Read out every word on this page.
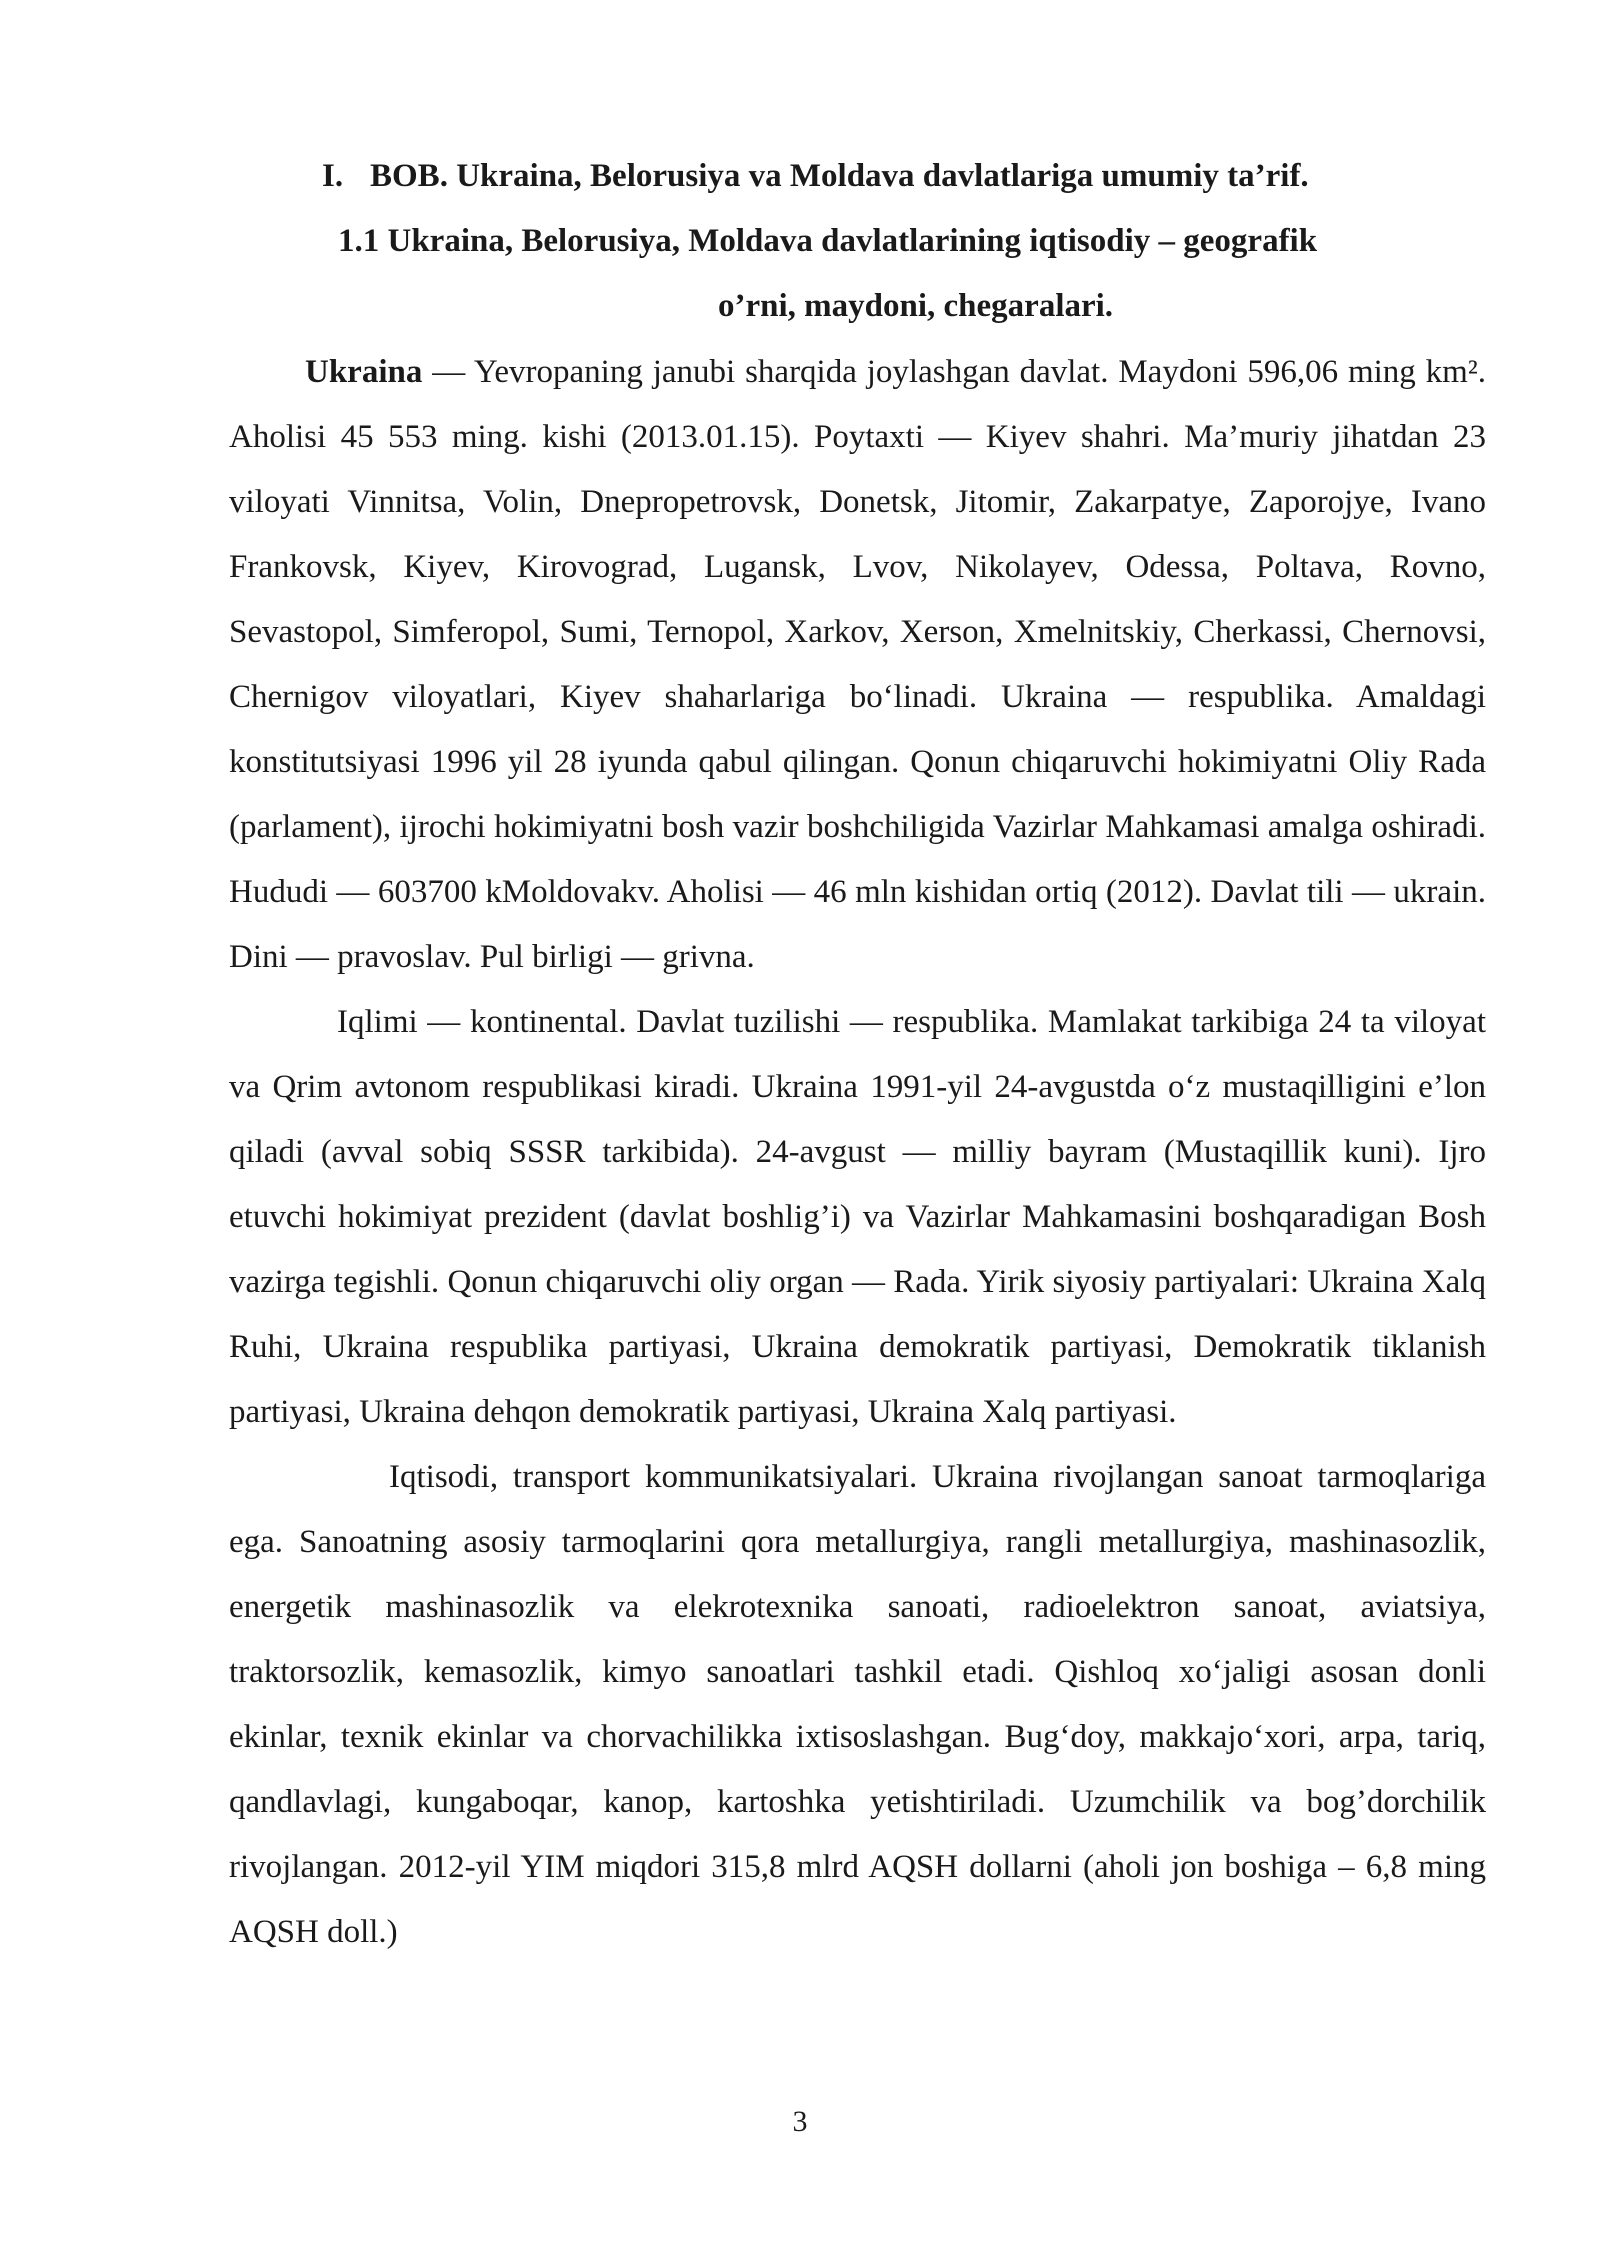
I. BOB. Ukraina, Belorusiya va Moldava davlatlariga umumiy ta’rif.
1.1 Ukraina, Belorusiya, Moldava davlatlarining iqtisodiy – geografik
o’rni, maydoni, chegaralari.

Ukraina — Yevropaning janubi sharqida joylashgan davlat. Maydoni 596,06 ming km². Aholisi 45 553 ming. kishi (2013.01.15). Poytaxti — Kiyev shahri. Ma’muriy jihatdan 23 viloyati Vinnitsa, Volin, Dnepropetrovsk, Donetsk, Jitomir, Zakarpatye, Zaporojye, Ivano Frankovsk, Kiyev, Kirovograd, Lugansk, Lvov, Nikolayev, Odessa, Poltava, Rovno, Sevastopol, Simferopol, Sumi, Ternopol, Xarkov, Xerson, Xmelnitskiy, Cherkassi, Chernovsi, Chernigov viloyatlari, Kiyev shaharlariga bo‘linadi. Ukraina — respublika. Amaldagi konstitutsiyasi 1996 yil 28 iyunda qabul qilingan. Qonun chiqaruvchi hokimiyatni Oliy Rada (parlament), ijrochi hokimiyatni bosh vazir boshchiligida Vazirlar Mahkamasi amalga oshiradi. Hududi — 603700 kMoldovakv. Aholisi — 46 mln kishidan ortiq (2012). Davlat tili — ukrain. Dini — pravoslav. Pul birligi — grivna.

Iqlimi — kontinental. Davlat tuzilishi — respublika. Mamlakat tarkibiga 24 ta viloyat va Qrim avtonom respublikasi kiradi. Ukraina 1991-yil 24-avgustda o‘z mustaqilligini e’lon qiladi (avval sobiq SSSR tarkibida). 24-avgust — milliy bayram (Mustaqillik kuni). Ijro etuvchi hokimiyat prezident (davlat boshlig’i) va Vazirlar Mahkamasini boshqaradigan Bosh vazirga tegishli. Qonun chiqaruvchi oliy organ — Rada. Yirik siyosiy partiyalari: Ukraina Xalq Ruhi, Ukraina respublika partiyasi, Ukraina demokratik partiyasi, Demokratik tiklanish partiyasi, Ukraina dehqon demokratik partiyasi, Ukraina Xalq partiyasi.

Iqtisodi, transport kommunikatsiyalari. Ukraina rivojlangan sanoat tarmoqlariga ega. Sanoatning asosiy tarmoqlarini qora metallurgiya, rangli metallurgiya, mashinasozlik, energetik mashinasozlik va elekrotexnika sanoati, radioelektron sanoat, aviatsiya, traktorsozlik, kemasozlik, kimyo sanoatlari tashkil etadi. Qishloq xo‘jaligi asosan donli ekinlar, texnik ekinlar va chorvachilikka ixtisoslashgan. Bug‘doy, makkajo‘xori, arpa, tariq, qandlavlagi, kungaboqar, kanop, kartoshka yetishtiriladi. Uzumchilik va bog’dorchilik rivojlangan. 2012-yil YIM miqdori 315,8 mlrd AQSH dollarni (aholi jon boshiga – 6,8 ming AQSH doll.)

3
